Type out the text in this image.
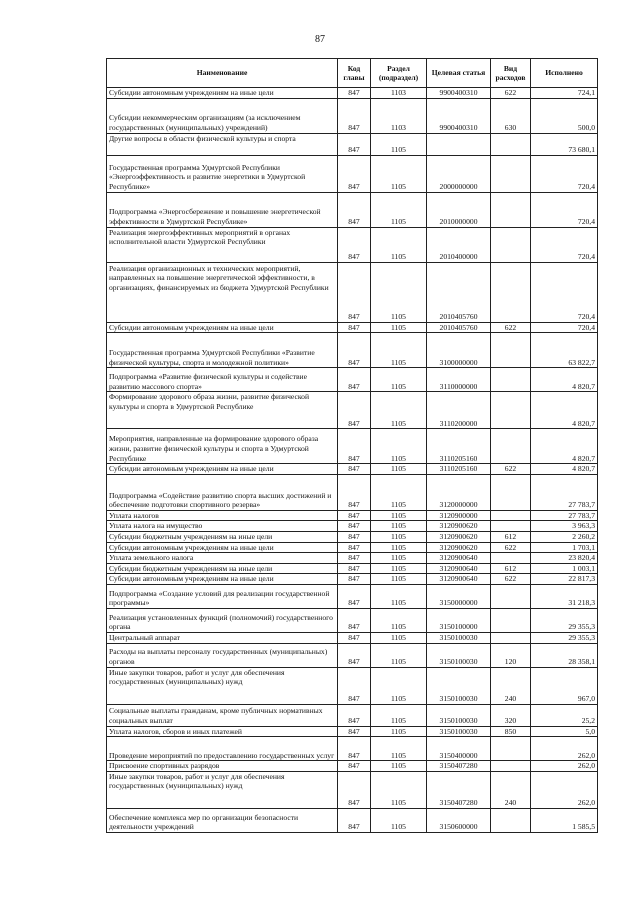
87
Наименование	Код главы	Раздел (подраздел)	Целевая статья	Вид расходов	Исполнено
Субсидии автономным учреждениям на иные цели	847	1103	9900400310	622	724,1
Субсидии некоммерческим организациям (за исключением государственных (муниципальных) учреждений)	847	1103	9900400310	630	500,0
Другие вопросы в области физической культуры и спорта	847	1105			73 680,1
Государственная программа Удмуртской Республики «Энергоэффективность и развитие энергетики в Удмуртской Республике»	847	1105	2000000000		720,4
Подпрограмма «Энергосбережение и повышение энергетической эффективности в Удмуртской Республике»	847	1105	2010000000		720,4
Реализация энергоэффективных мероприятий в органах исполнительной власти Удмуртской Республики	847	1105	2010400000		720,4
Реализация организационных и технических мероприятий, направленных на повышение энергетической эффективности, в организациях, финансируемых из бюджета Удмуртской Республики	847	1105	2010405760		720,4
Субсидии автономным учреждениям на иные цели	847	1105	2010405760	622	720,4
Государственная программа Удмуртской Республики «Развитие физической культуры, спорта и молодежной политики»	847	1105	3100000000		63 822,7
Подпрограмма «Развитие физической культуры и содействие развитию массового спорта»	847	1105	3110000000		4 820,7
Формирование здорового образа жизни, развитие физической культуры и спорта в Удмуртской Республике	847	1105	3110200000		4 820,7
Мероприятия, направленные на формирование здорового образа жизни, развитие физической культуры и спорта в Удмуртской Республике	847	1105	3110205160		4 820,7
Субсидии автономным учреждениям на иные цели	847	1105	3110205160	622	4 820,7
Подпрограмма «Содействие развитию спорта высших достижений и обеспечение подготовки спортивного резерва»	847	1105	3120000000		27 783,7
Уплата налогов	847	1105	3120900000		27 783,7
Уплата налога на имущество	847	1105	3120900620		3 963,3
Субсидии бюджетным учреждениям на иные цели	847	1105	3120900620	612	2 260,2
Субсидии автономным учреждениям на иные цели	847	1105	3120900620	622	1 703,1
Уплата земельного налога	847	1105	3120900640		23 820,4
Субсидии бюджетным учреждениям на иные цели	847	1105	3120900640	612	1 003,1
Субсидии автономным учреждениям на иные цели	847	1105	3120900640	622	22 817,3
Подпрограмма «Создание условий для реализации государственной программы»	847	1105	3150000000		31 218,3
Реализация установленных функций (полномочий) государственного органа	847	1105	3150100000		29 355,3
Центральный аппарат	847	1105	3150100030		29 355,3
Расходы на выплаты персоналу государственных (муниципальных) органов	847	1105	3150100030	120	28 358,1
Иные закупки товаров, работ и услуг для обеспечения государственных (муниципальных) нужд	847	1105	3150100030	240	967,0
Социальные выплаты гражданам, кроме публичных нормативных социальных выплат	847	1105	3150100030	320	25,2
Уплата налогов, сборов и иных платежей	847	1105	3150100030	850	5,0
Проведение мероприятий по предоставлению государственных услуг	847	1105	3150400000		262,0
Присвоение спортивных разрядов	847	1105	3150407280		262,0
Иные закупки товаров, работ и услуг для обеспечения государственных (муниципальных) нужд	847	1105	3150407280	240	262,0
Обеспечение комплекса мер по организации безопасности деятельности учреждений	847	1105	3150600000		1 585,5
